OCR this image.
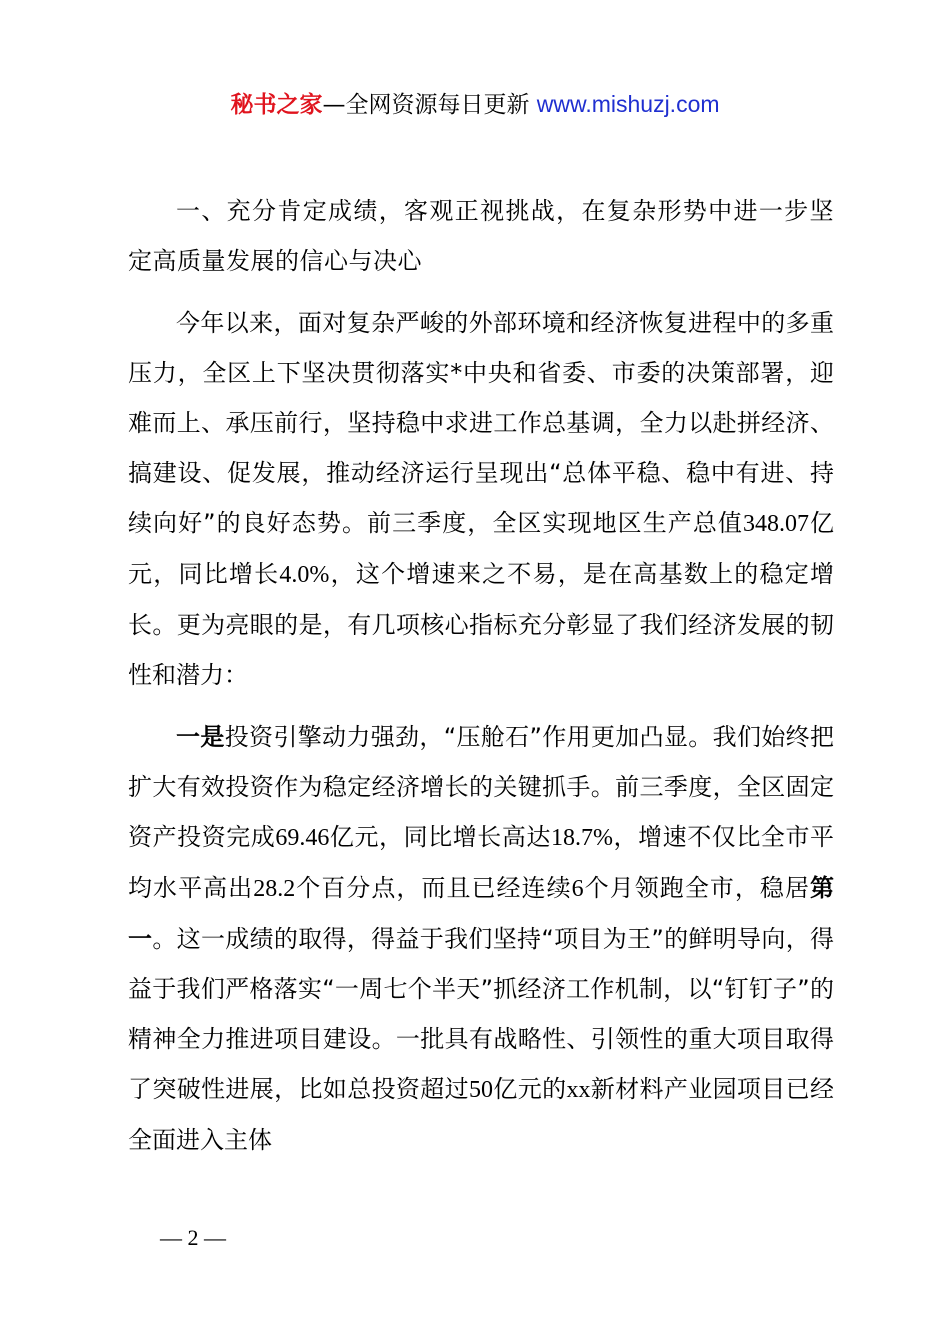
秘书之家—全网资源每日更新 www.mishuzj.com

一、充分肯定成绩，客观正视挑战，在复杂形势中进一步坚定高质量发展的信心与决心

今年以来，面对复杂严峻的外部环境和经济恢复进程中的多重压力，全区上下坚决贯彻落实*中央和省委、市委的决策部署，迎难而上、承压前行，坚持稳中求进工作总基调，全力以赴拼经济、搞建设、促发展，推动经济运行呈现出“总体平稳、稳中有进、持续向好”的良好态势。前三季度，全区实现地区生产总值348.07亿元，同比增长4.0%，这个增速来之不易，是在高基数上的稳定增长。更为亮眼的是，有几项核心指标充分彰显了我们经济发展的韧性和潜力：

一是投资引擎动力强劲，“压舱石”作用更加凸显。我们始终把扩大有效投资作为稳定经济增长的关键抓手。前三季度，全区固定资产投资完成69.46亿元，同比增长高达18.7%，增速不仅比全市平均水平高出28.2个百分点，而且已经连续6个月领跑全市，稳居第一。这一成绩的取得，得益于我们坚持“项目为王”的鲜明导向，得益于我们严格落实“一周七个半天”抓经济工作机制，以“钉钉子”的精神全力推进项目建设。一批具有战略性、引领性的重大项目取得了突破性进展，比如总投资超过50亿元的xx新材料产业园项目已经全面进入主体

— 2 —
